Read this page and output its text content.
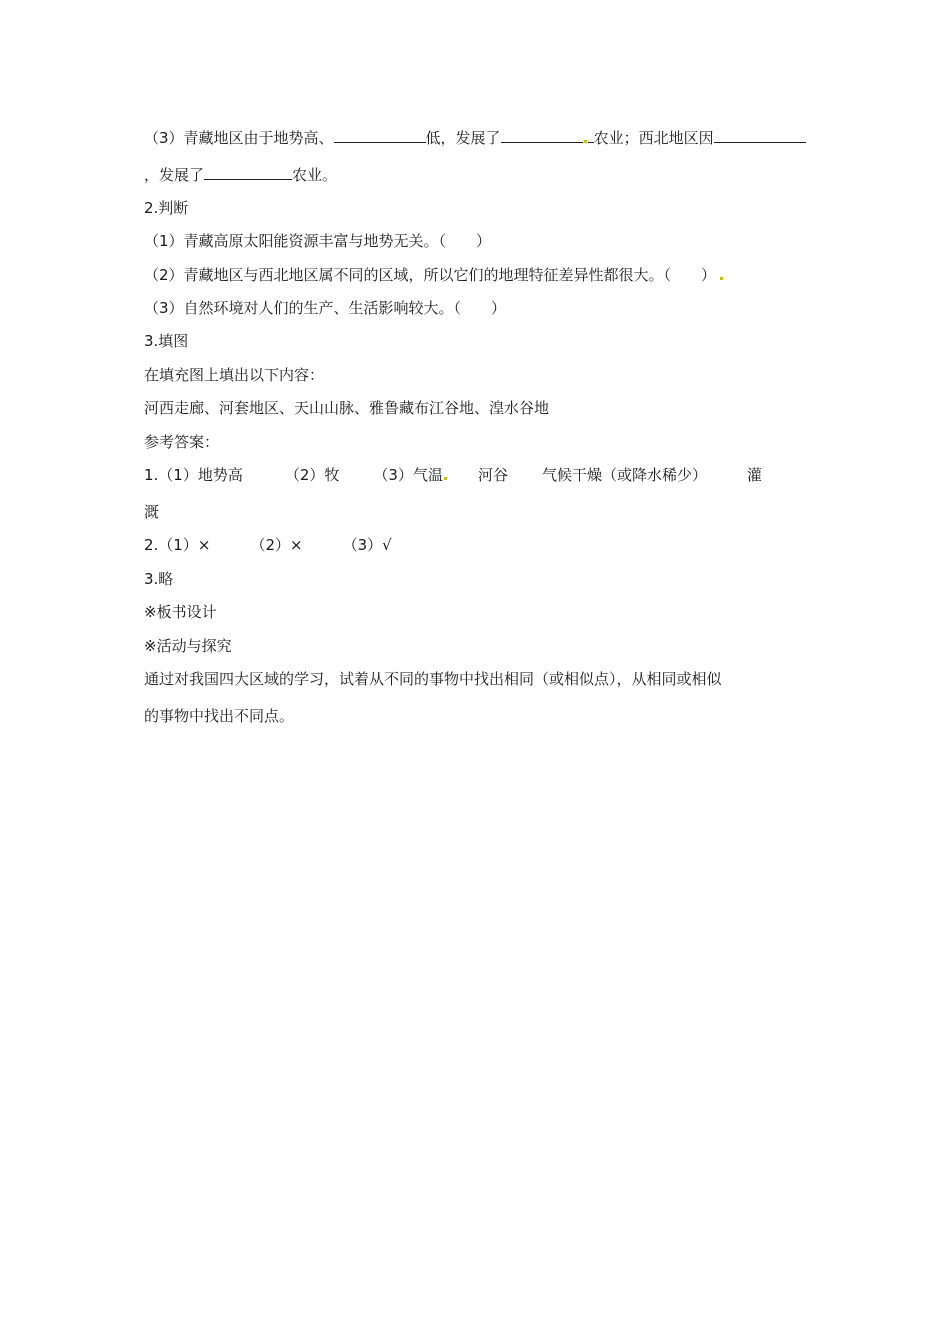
（3）青藏地区由于地势高、	低，发展了	农业；西北地区因
，发展了	农业。
2.判断
（1）青藏高原太阳能资源丰富与地势无关。（　　）
（2）青藏地区与西北地区属不同的区域，所以它们的地理特征差异性都很大。（　　）
（3）自然环境对人们的生产、生活影响较大。（　　）
3.填图
在填充图上填出以下内容：
河西走廊、河套地区、天山山脉、雅鲁藏布江谷地、湟水谷地
参考答案：
1.（1）地势高	（2）牧 （3）气温 河谷 气候干燥（或降水稀少）	灌
溉
2.（1）×	（2）×	（3）√
3.略
※板书设计
※活动与探究
通过对我国四大区域的学习，试着从不同的事物中找出相同（或相似点），从相同或相似
的事物中找出不同点。
